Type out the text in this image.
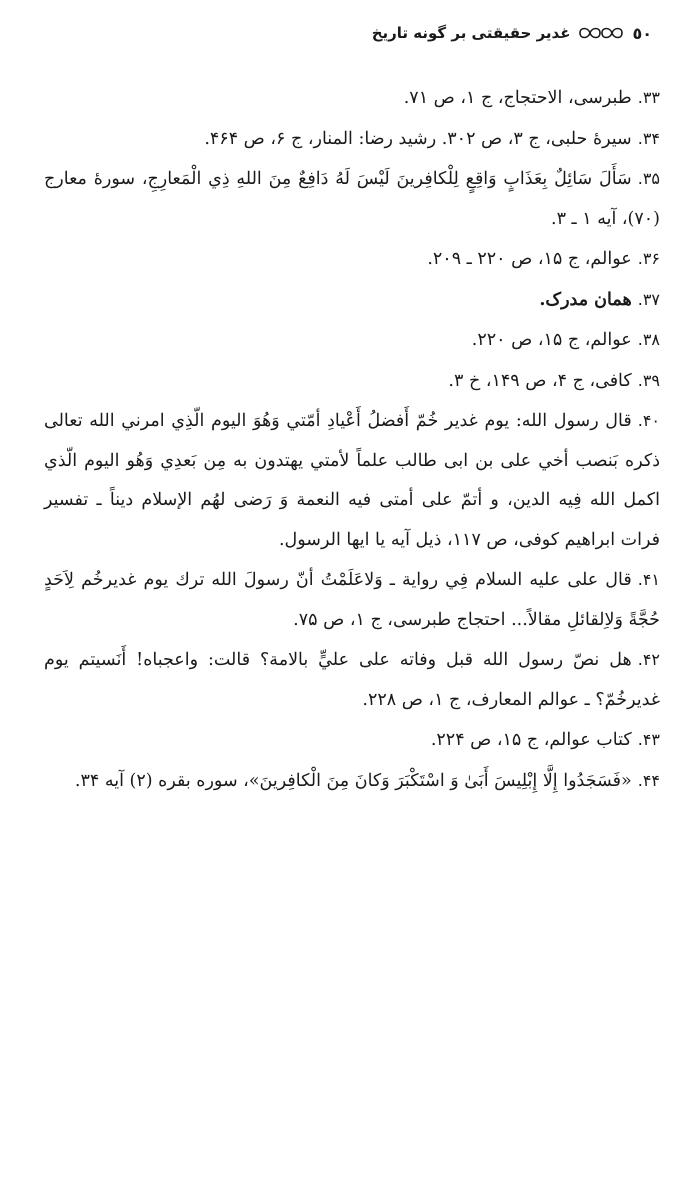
٥٠
غدیر حقیقتی بر گونه تاریخ
۳۳.طبرسی، الاحتجاج، ج ۱، ص ۷۱.
۳۴.سیرهٔ حلبی، ج ۳، ص ۳۰۲. رشید رضا: المنار، ج ۶، ص ۴۶۴.
۳۵.سَأَلَ سَائِلٌ بِعَذَابٍ وَاقِعٍ لِلْكافِرينَ لَيْسَ لَهُ دَافِعٌ مِنَ اللهِ ذِي الْمَعارِجِ، سورهٔ معارج (۷۰)، آیه ۱ ـ ۳.
۳۶.عوالم، ج ۱۵، ص ۲۲۰ ـ ۲۰۹.
۳۷.همان مدرک.
۳۸.عوالم، ج ۱۵، ص ۲۲۰.
۳۹.کافی، ج ۴، ص ۱۴۹، خ ۳.
۴۰.قال رسول الله: يوم غدير خُمّ أَفضلُ أَعْيادِ أمّتي وَهُوَ اليوم الّذِي امرني الله تعالى ذكره بَنصب أخي على بن ابى طالب علماً لأمتي يهتدون به مِن بَعدِي وَهُو اليوم الّذي اكمل الله فِيه الدين، و أتمّ على أمتى فيه النعمة وَ رَضى لهُم الإسلام ديناً ـ تفسير فرات ابراهيم كوفى، ص ۱۱۷، ذیل آیه یا ایها الرسول.
۴۱.قال على عليه السلام فِي رواية ـ وَلاعَلَمْتُ أنّ رسولَ الله ترك يوم غديرخُم لِاَحَدٍ حُجَّةً وَلاِلقائلِ مقالاً... احتجاج طبرسی، ج ۱، ص ۷۵.
۴۲.هل نصّ رسول الله قبل وفاته على عليٍّ بالامة؟ قالت: واعجباه! أَنَسيتم يوم غديرخُمّ؟ ـ عوالم المعارف، ج ۱، ص ۲۲۸.
۴۳.کتاب عوالم، ج ۱۵، ص ۲۲۴.
۴۴.«فَسَجَدُوا إِلَّا إِبْلِيسَ أَبَىٰ وَ اسْتَكْبَرَ وَكانَ مِنَ الْكافِرينَ»، سوره بقره (۲) آیه ۳۴.
